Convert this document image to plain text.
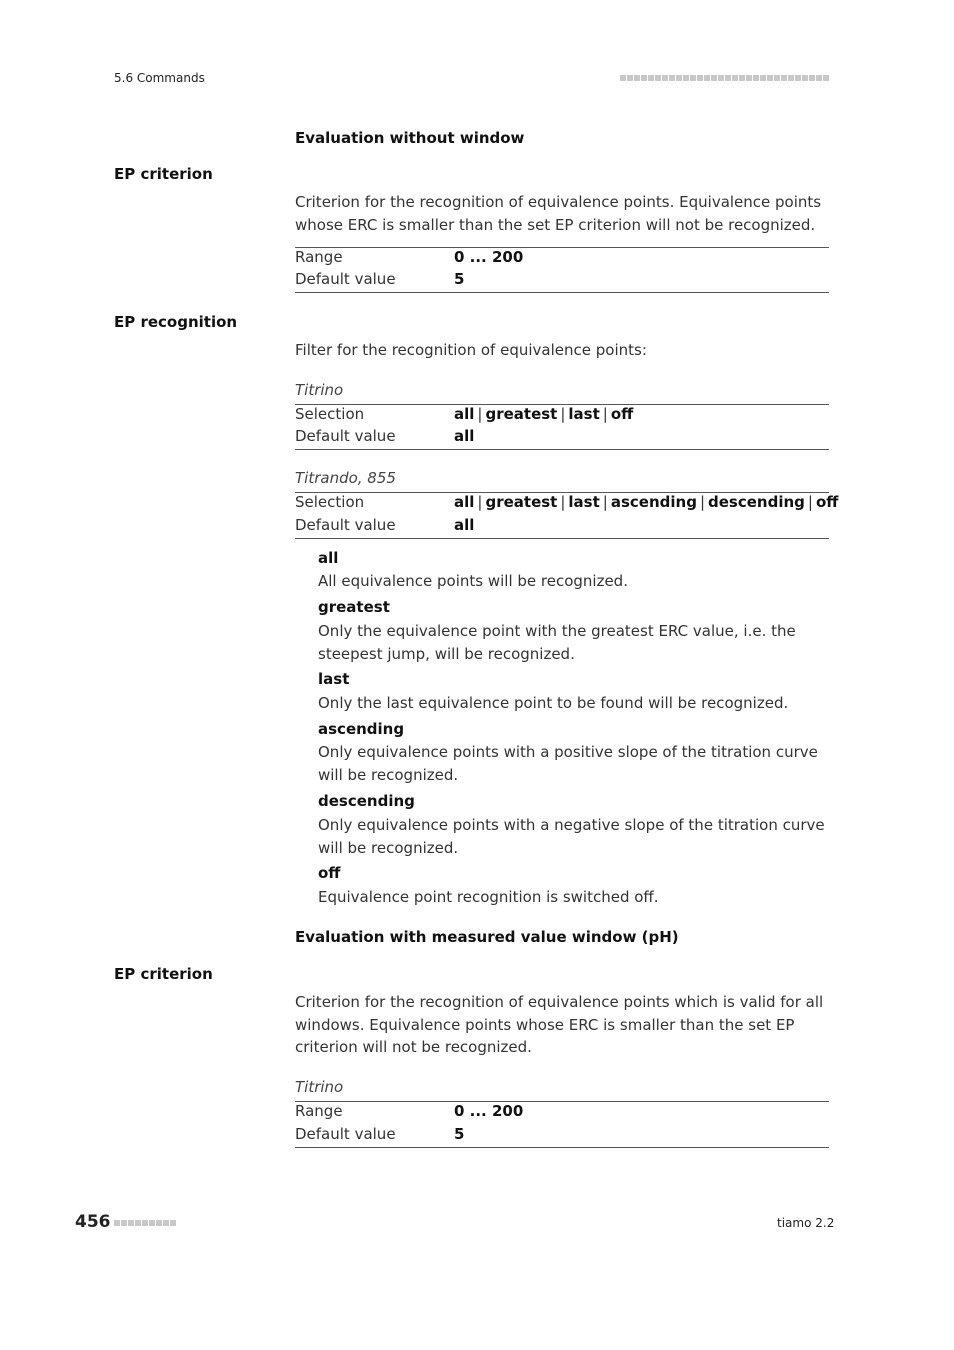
5.6 Commands
Evaluation without window
EP criterion
Criterion for the recognition of equivalence points. Equivalence points whose ERC is smaller than the set EP criterion will not be recognized.
Range	0 ... 200
Default value	5
EP recognition
Filter for the recognition of equivalence points:
Titrino
Selection	all | greatest | last | off
Default value	all
Titrando, 855
Selection	all | greatest | last | ascending | descending | off
Default value	all
all
All equivalence points will be recognized.
greatest
Only the equivalence point with the greatest ERC value, i.e. the steepest jump, will be recognized.
last
Only the last equivalence point to be found will be recognized.
ascending
Only equivalence points with a positive slope of the titration curve will be recognized.
descending
Only equivalence points with a negative slope of the titration curve will be recognized.
off
Equivalence point recognition is switched off.
Evaluation with measured value window (pH)
EP criterion
Criterion for the recognition of equivalence points which is valid for all windows. Equivalence points whose ERC is smaller than the set EP criterion will not be recognized.
Titrino
Range	0 ... 200
Default value	5
456	tiamo 2.2
